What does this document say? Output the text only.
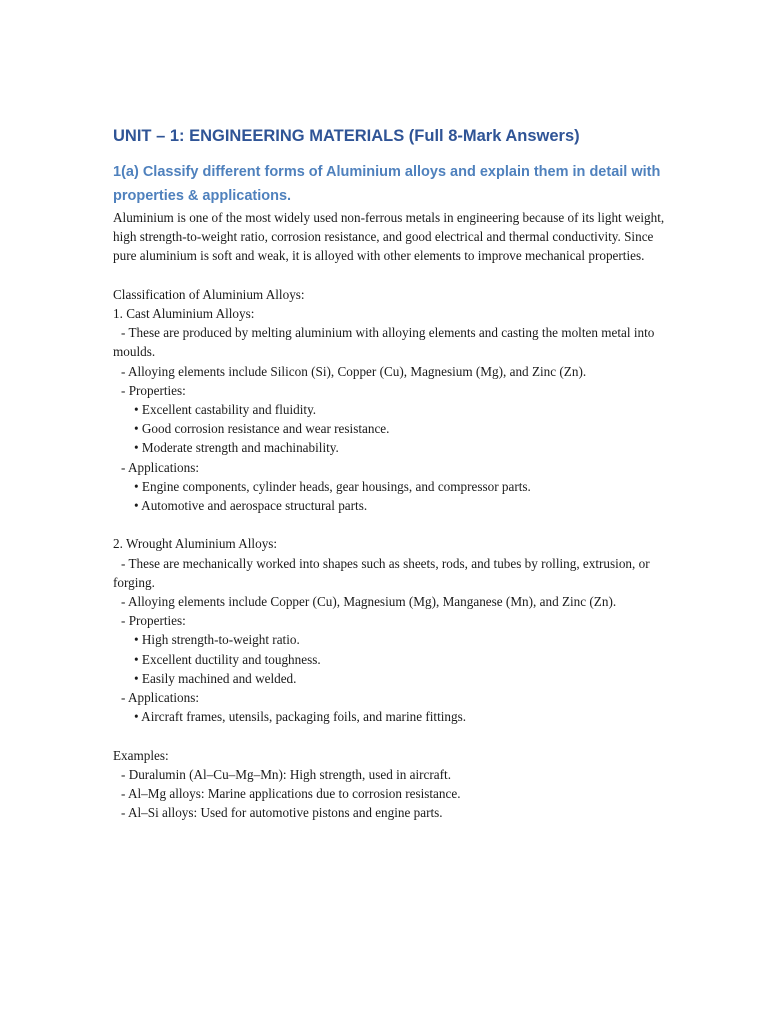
UNIT – 1: ENGINEERING MATERIALS (Full 8-Mark Answers)
1(a) Classify different forms of Aluminium alloys and explain them in detail with properties & applications.

Aluminium is one of the most widely used non-ferrous metals in engineering because of its light weight, high strength-to-weight ratio, corrosion resistance, and good electrical and thermal conductivity. Since pure aluminium is soft and weak, it is alloyed with other elements to improve mechanical properties.

Classification of Aluminium Alloys:

1. Cast Aluminium Alloys:

- These are produced by melting aluminium with alloying elements and casting the molten metal into moulds.

- Alloying elements include Silicon (Si), Copper (Cu), Magnesium (Mg), and Zinc (Zn).

- Properties:

• Excellent castability and fluidity.

• Good corrosion resistance and wear resistance.

• Moderate strength and machinability.

- Applications:

• Engine components, cylinder heads, gear housings, and compressor parts.

• Automotive and aerospace structural parts.

2. Wrought Aluminium Alloys:

- These are mechanically worked into shapes such as sheets, rods, and tubes by rolling, extrusion, or forging.

- Alloying elements include Copper (Cu), Magnesium (Mg), Manganese (Mn), and Zinc (Zn).

- Properties:

• High strength-to-weight ratio.

• Excellent ductility and toughness.

• Easily machined and welded.

- Applications:

• Aircraft frames, utensils, packaging foils, and marine fittings.

Examples:

- Duralumin (Al–Cu–Mg–Mn): High strength, used in aircraft.

- Al–Mg alloys: Marine applications due to corrosion resistance.

- Al–Si alloys: Used for automotive pistons and engine parts.
